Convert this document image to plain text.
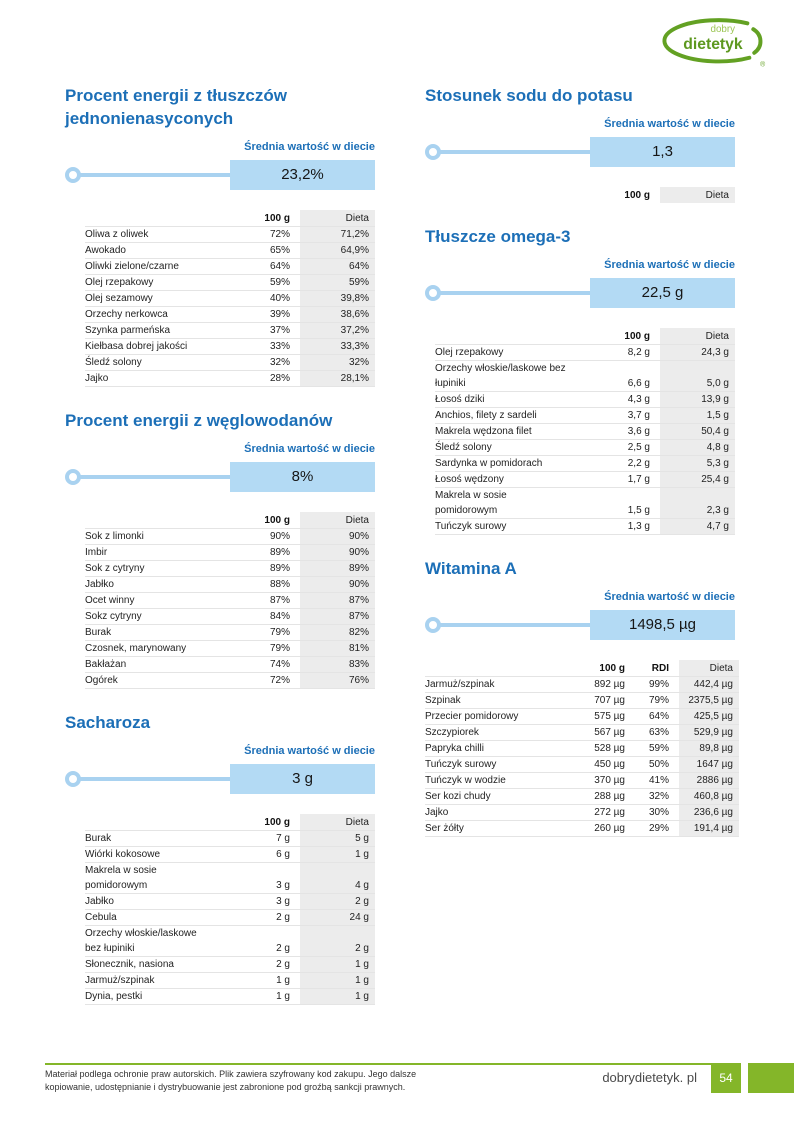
dobry
dietetyk
®
Procent energii z tłuszczów jednonienasyconych
Średnia wartość w diecie
23,2%
	100 g	Dieta
Oliwa z oliwek	72%	71,2%
Awokado	65%	64,9%
Oliwki zielone/czarne	64%	64%
Olej rzepakowy	59%	59%
Olej sezamowy	40%	39,8%
Orzechy nerkowca	39%	38,6%
Szynka parmeńska	37%	37,2%
Kiełbasa dobrej jakości	33%	33,3%
Śledź solony	32%	32%
Jajko	28%	28,1%
Procent energii z węglowodanów
Średnia wartość w diecie
8%
	100 g	Dieta
Sok z limonki	90%	90%
Imbir	89%	90%
Sok z cytryny	89%	89%
Jabłko	88%	90%
Ocet winny	87%	87%
Sokz cytryny	84%	87%
Burak	79%	82%
Czosnek, marynowany	79%	81%
Bakłażan	74%	83%
Ogórek	72%	76%
Sacharoza
Średnia wartość w diecie
3 g
	100 g	Dieta
Burak	7 g	5 g
Wiórki kokosowe	6 g	1 g
Makrela w sosie pomidorowym	3 g	4 g
Jabłko	3 g	2 g
Cebula	2 g	24 g
Orzechy włoskie/laskowe bez łupiniki	2 g	2 g
Słonecznik, nasiona	2 g	1 g
Jarmuż/szpinak	1 g	1 g
Dynia, pestki	1 g	1 g
Stosunek sodu do potasu
Średnia wartość w diecie
1,3
	100 g	Dieta
Tłuszcze omega-3
Średnia wartość w diecie
22,5 g
	100 g	Dieta
Olej rzepakowy	8,2 g	24,3 g
Orzechy włoskie/laskowe bez łupiniki	6,6 g	5,0 g
Łosoś dziki	4,3 g	13,9 g
Anchios, filety z sardeli	3,7 g	1,5 g
Makrela wędzona filet	3,6 g	50,4 g
Śledź solony	2,5 g	4,8 g
Sardynka w pomidorach	2,2 g	5,3 g
Łosoś wędzony	1,7 g	25,4 g
Makrela w sosie pomidorowym	1,5 g	2,3 g
Tuńczyk surowy	1,3 g	4,7 g
Witamina A
Średnia wartość w diecie
1498,5 µg
	100 g	RDI	Dieta
Jarmuż/szpinak	892 µg	99%	442,4 µg
Szpinak	707 µg	79%	2375,5 µg
Przecier pomidorowy	575 µg	64%	425,5 µg
Szczypiorek	567 µg	63%	529,9 µg
Papryka chilli	528 µg	59%	89,8 µg
Tuńczyk surowy	450 µg	50%	1647 µg
Tuńczyk w wodzie	370 µg	41%	2886 µg
Ser kozi chudy	288 µg	32%	460,8 µg
Jajko	272 µg	30%	236,6 µg
Ser żółty	260 µg	29%	191,4 µg
Materiał podlega ochronie praw autorskich. Plik zawiera szyfrowany kod zakupu. Jego dalsze
kopiowanie, udostępnianie i dystrybuowanie jest zabronione pod groźbą sankcji prawnych.
dobrydietetyk. pl	54
